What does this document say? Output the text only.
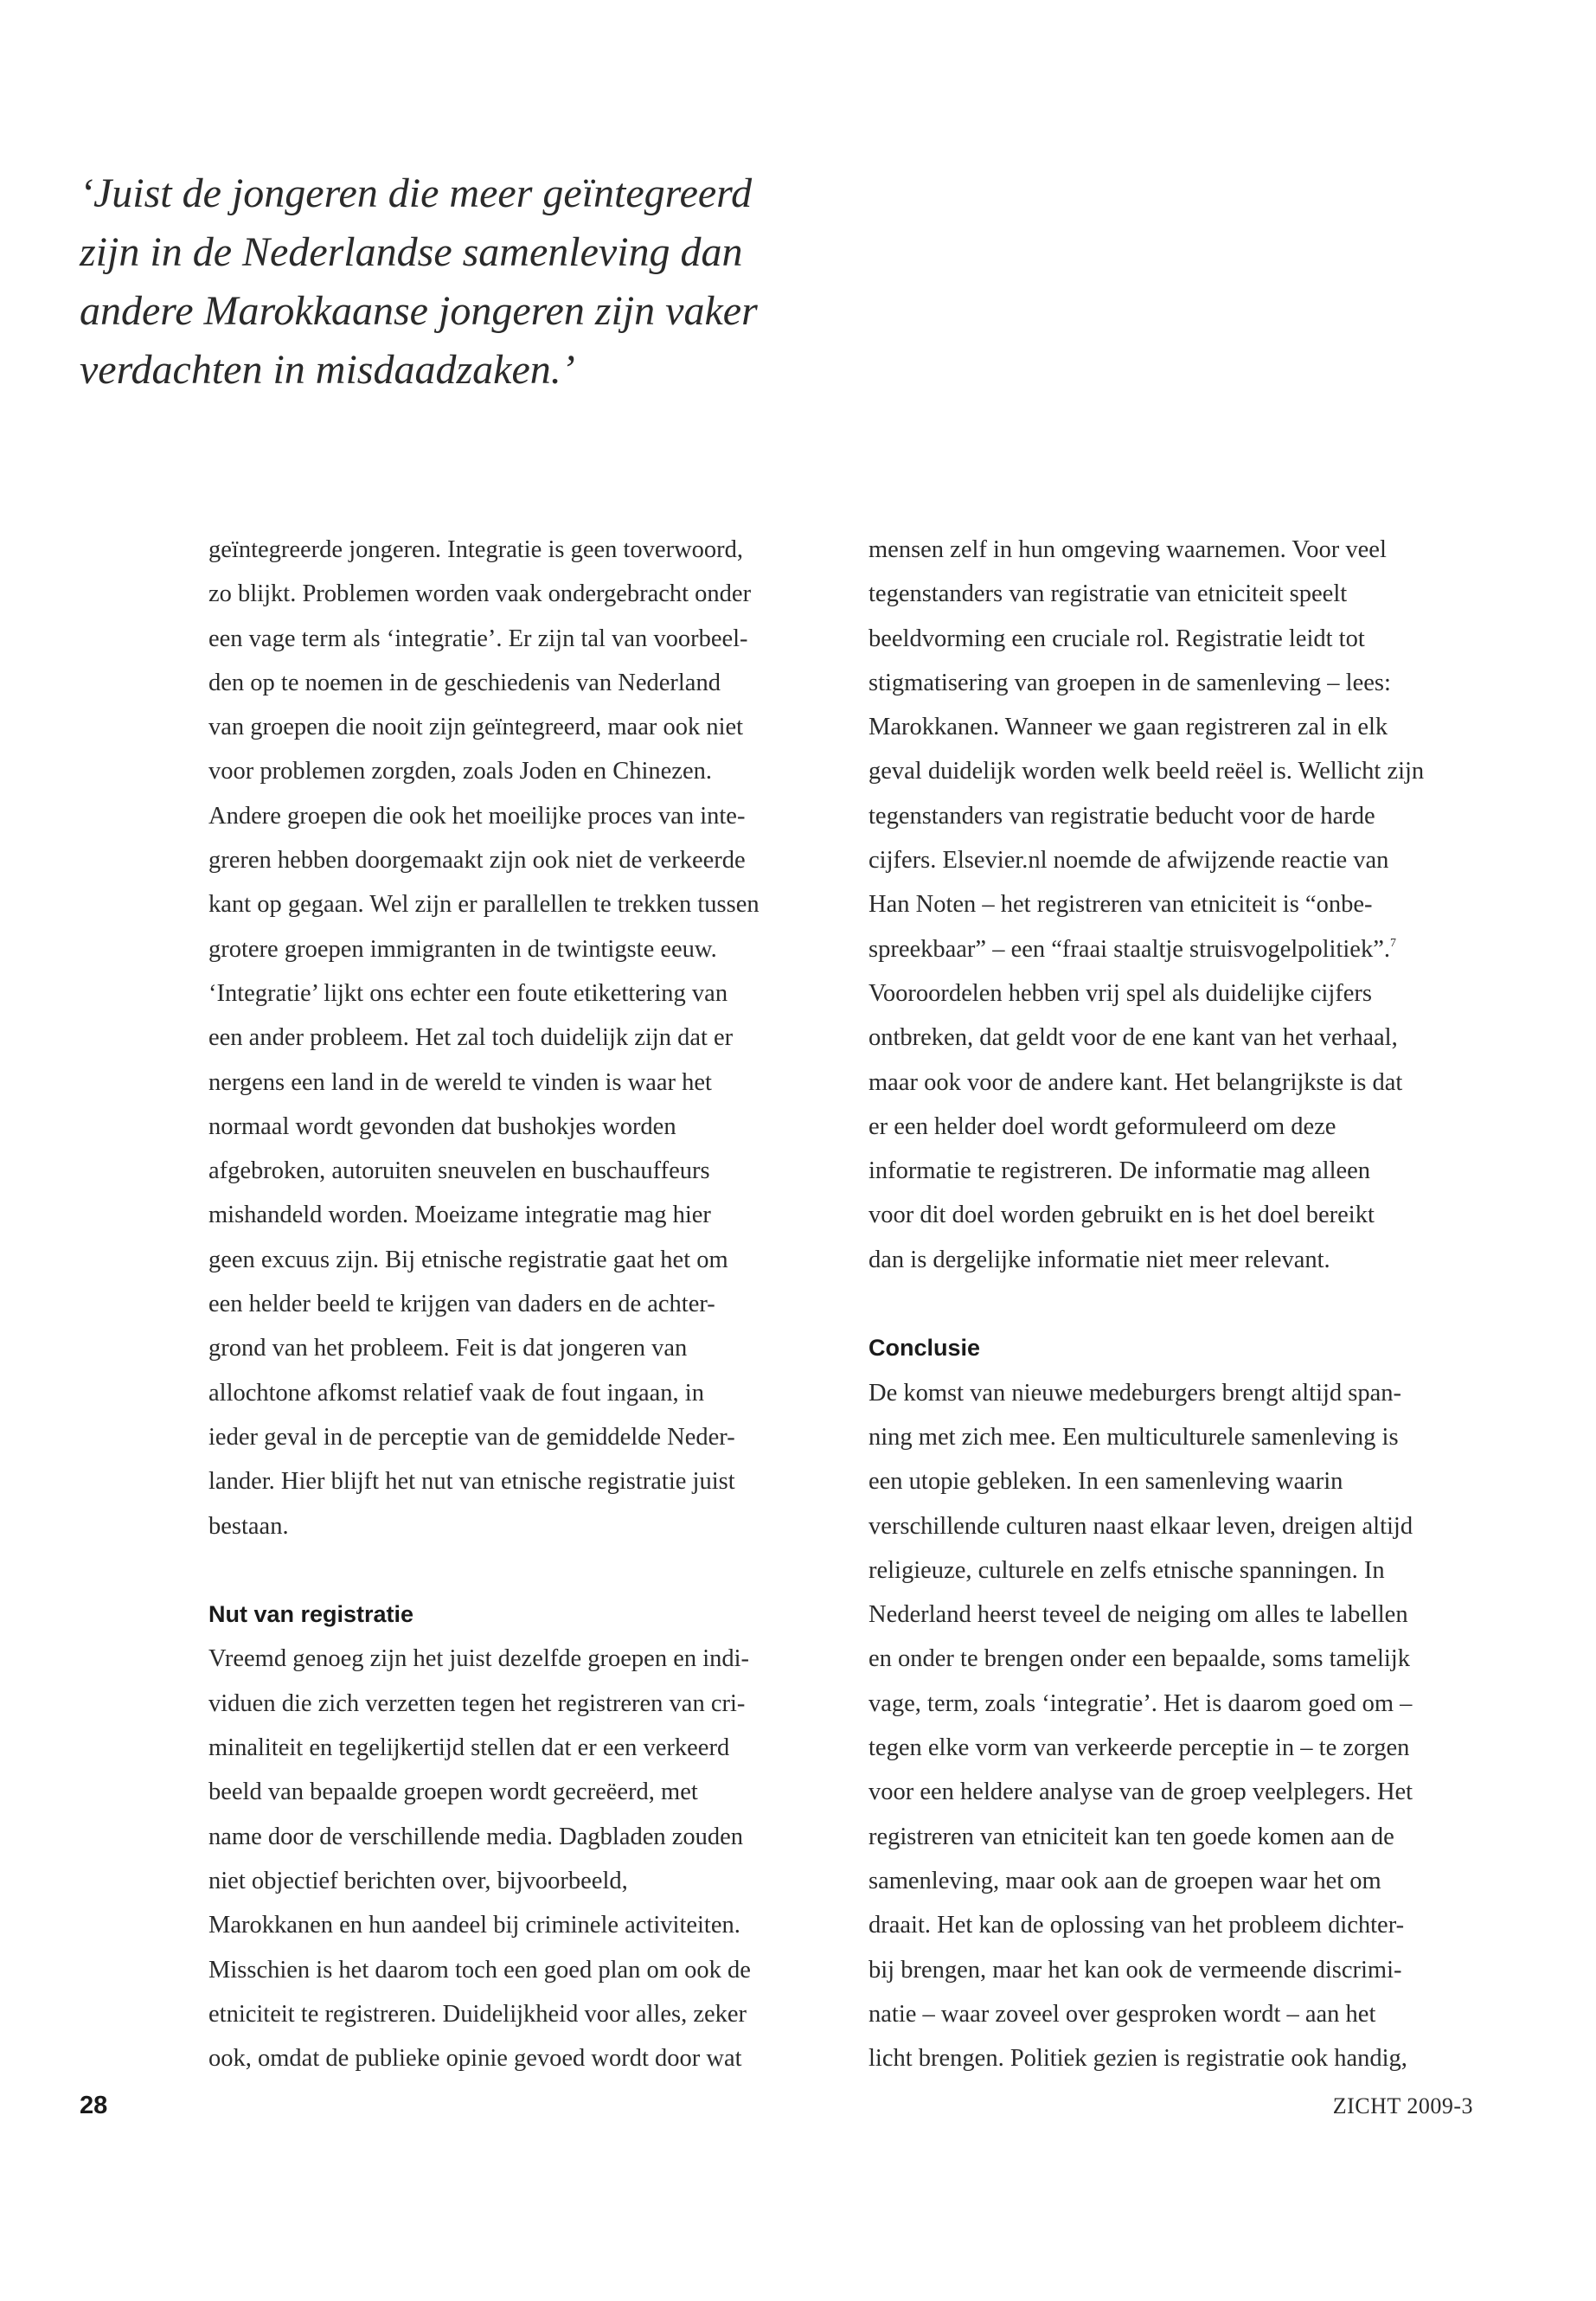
‘Juist de jongeren die meer geïntegreerd
zijn in de Nederlandse samenleving dan
andere Marokkaanse jongeren zijn vaker
verdachten in misdaadzaken.’
geïntegreerde jongeren. Integratie is geen toverwoord,
zo blijkt. Problemen worden vaak ondergebracht onder
een vage term als ‘integratie’. Er zijn tal van voorbeel-
den op te noemen in de geschiedenis van Nederland
van groepen die nooit zijn geïntegreerd, maar ook niet
voor problemen zorgden, zoals Joden en Chinezen.
Andere groepen die ook het moeilijke proces van inte-
greren hebben doorgemaakt zijn ook niet de verkeerde
kant op gegaan. Wel zijn er parallellen te trekken tussen
grotere groepen immigranten in de twintigste eeuw.
‘Integratie’ lijkt ons echter een foute etikettering van
een ander probleem. Het zal toch duidelijk zijn dat er
nergens een land in de wereld te vinden is waar het
normaal wordt gevonden dat bushokjes worden
afgebroken, autoruiten sneuvelen en buschauffeurs
mishandeld worden. Moeizame integratie mag hier
geen excuus zijn. Bij etnische registratie gaat het om
een helder beeld te krijgen van daders en de achter-
grond van het probleem. Feit is dat jongeren van
allochtone afkomst relatief vaak de fout ingaan, in
ieder geval in de perceptie van de gemiddelde Neder-
lander. Hier blijft het nut van etnische registratie juist
bestaan.
Nut van registratie
Vreemd genoeg zijn het juist dezelfde groepen en indi-
viduen die zich verzetten tegen het registreren van cri-
minaliteit en tegelijkertijd stellen dat er een verkeerd
beeld van bepaalde groepen wordt gecreëerd, met
name door de verschillende media. Dagbladen zouden
niet objectief berichten over, bijvoorbeeld,
Marokkanen en hun aandeel bij criminele activiteiten.
Misschien is het daarom toch een goed plan om ook de
etniciteit te registreren. Duidelijkheid voor alles, zeker
ook, omdat de publieke opinie gevoed wordt door wat
mensen zelf in hun omgeving waarnemen. Voor veel
tegenstanders van registratie van etniciteit speelt
beeldvorming een cruciale rol. Registratie leidt tot
stigmatisering van groepen in de samenleving – lees:
Marokkanen. Wanneer we gaan registreren zal in elk
geval duidelijk worden welk beeld reëel is. Wellicht zijn
tegenstanders van registratie beducht voor de harde
cijfers. Elsevier.nl noemde de afwijzende reactie van
Han Noten – het registreren van etniciteit is “onbe-
spreekbaar” – een “fraai staaltje struisvogelpolitiek”.$^7$
Vooroordelen hebben vrij spel als duidelijke cijfers
ontbreken, dat geldt voor de ene kant van het verhaal,
maar ook voor de andere kant. Het belangrijkste is dat
er een helder doel wordt geformuleerd om deze
informatie te registreren. De informatie mag alleen
voor dit doel worden gebruikt en is het doel bereikt
dan is dergelijke informatie niet meer relevant.
Conclusie
De komst van nieuwe medeburgers brengt altijd span-
ning met zich mee. Een multiculturele samenleving is
een utopie gebleken. In een samenleving waarin
verschillende culturen naast elkaar leven, dreigen altijd
religieuze, culturele en zelfs etnische spanningen. In
Nederland heerst teveel de neiging om alles te labellen
en onder te brengen onder een bepaalde, soms tamelijk
vage, term, zoals ‘integratie’. Het is daarom goed om –
tegen elke vorm van verkeerde perceptie in – te zorgen
voor een heldere analyse van de groep veelplegers. Het
registreren van etniciteit kan ten goede komen aan de
samenleving, maar ook aan de groepen waar het om
draait. Het kan de oplossing van het probleem dichter-
bij brengen, maar het kan ook de vermeende discrimi-
natie – waar zoveel over gesproken wordt – aan het
licht brengen. Politiek gezien is registratie ook handig,
28	ZICHT 2009-3
